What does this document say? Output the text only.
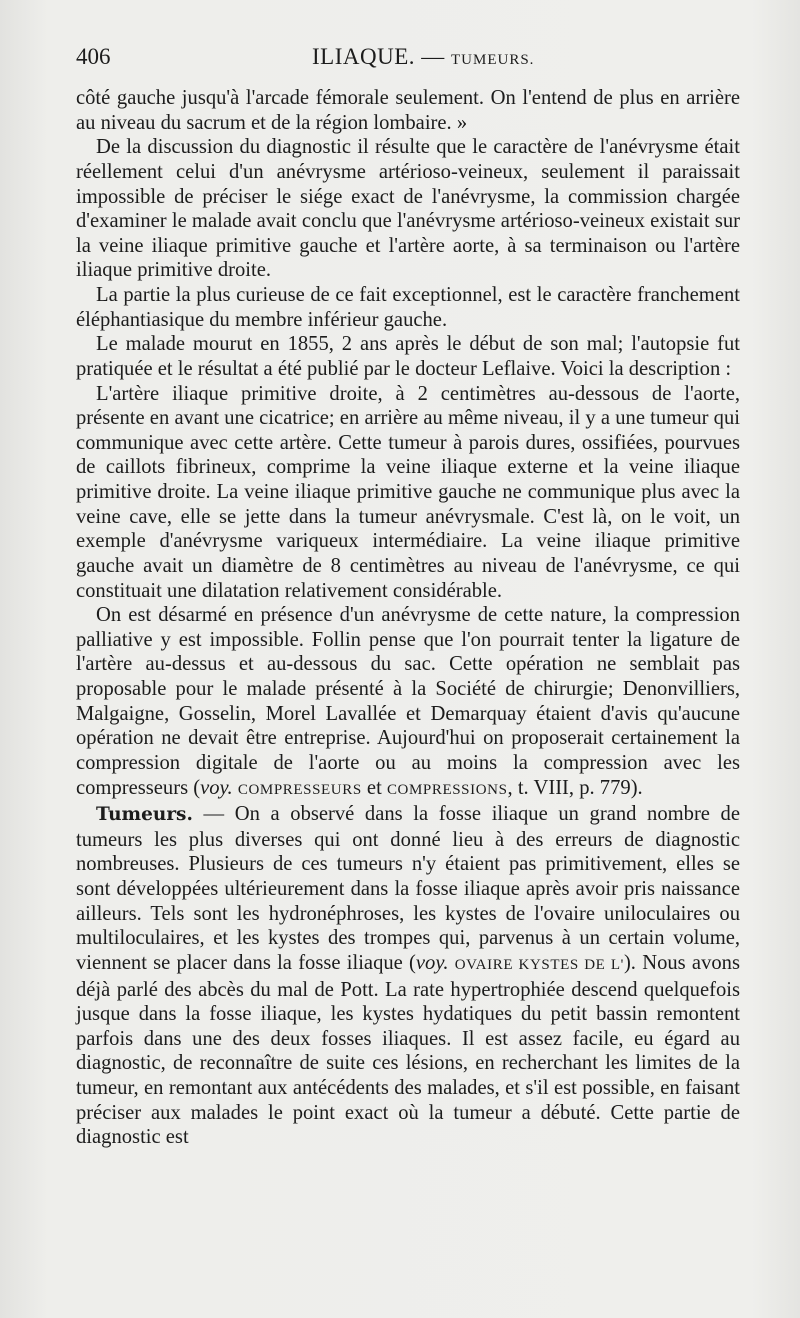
406	ILIAQUE. — TUMEURS.

côté gauche jusqu'à l'arcade fémorale seulement. On l'entend de plus en arrière au niveau du sacrum et de la région lombaire. »

De la discussion du diagnostic il résulte que le caractère de l'anévrysme était réellement celui d'un anévrysme artérioso-veineux, seulement il paraissait impossible de préciser le siége exact de l'anévrysme, la commission chargée d'examiner le malade avait conclu que l'anévrysme artérioso-veineux existait sur la veine iliaque primitive gauche et l'artère aorte, à sa terminaison ou l'artère iliaque primitive droite.

La partie la plus curieuse de ce fait exceptionnel, est le caractère franchement éléphantiasique du membre inférieur gauche.

Le malade mourut en 1855, 2 ans après le début de son mal; l'autopsie fut pratiquée et le résultat a été publié par le docteur Leflaive. Voici la description :

L'artère iliaque primitive droite, à 2 centimètres au-dessous de l'aorte, présente en avant une cicatrice; en arrière au même niveau, il y a une tumeur qui communique avec cette artère. Cette tumeur à parois dures, ossifiées, pourvues de caillots fibrineux, comprime la veine iliaque externe et la veine iliaque primitive droite. La veine iliaque primitive gauche ne communique plus avec la veine cave, elle se jette dans la tumeur anévrysmale. C'est là, on le voit, un exemple d'anévrysme variqueux intermédiaire. La veine iliaque primitive gauche avait un diamètre de 8 centimètres au niveau de l'anévrysme, ce qui constituait une dilatation relativement considérable.

On est désarmé en présence d'un anévrysme de cette nature, la compression palliative y est impossible. Follin pense que l'on pourrait tenter la ligature de l'artère au-dessus et au-dessous du sac. Cette opération ne semblait pas proposable pour le malade présenté à la Société de chirurgie; Denonvilliers, Malgaigne, Gosselin, Morel Lavallée et Demarquay étaient d'avis qu'aucune opération ne devait être entreprise. Aujourd'hui on proposerait certainement la compression digitale de l'aorte ou au moins la compression avec les compresseurs (voy. COMPRESSEURS et COMPRESSIONS, t. VIII, p. 779).

Tumeurs. — On a observé dans la fosse iliaque un grand nombre de tumeurs les plus diverses qui ont donné lieu à des erreurs de diagnostic nombreuses. Plusieurs de ces tumeurs n'y étaient pas primitivement, elles se sont développées ultérieurement dans la fosse iliaque après avoir pris naissance ailleurs. Tels sont les hydronéphroses, les kystes de l'ovaire uniloculaires ou multiloculaires, et les kystes des trompes qui, parvenus à un certain volume, viennent se placer dans la fosse iliaque (voy. OVAIRE KYSTES DE L'). Nous avons déjà parlé des abcès du mal de Pott. La rate hypertrophiée descend quelquefois jusque dans la fosse iliaque, les kystes hydatiques du petit bassin remontent parfois dans une des deux fosses iliaques. Il est assez facile, eu égard au diagnostic, de reconnaître de suite ces lésions, en recherchant les limites de la tumeur, en remontant aux antécédents des malades, et s'il est possible, en faisant préciser aux malades le point exact où la tumeur a débuté. Cette partie de diagnostic est
